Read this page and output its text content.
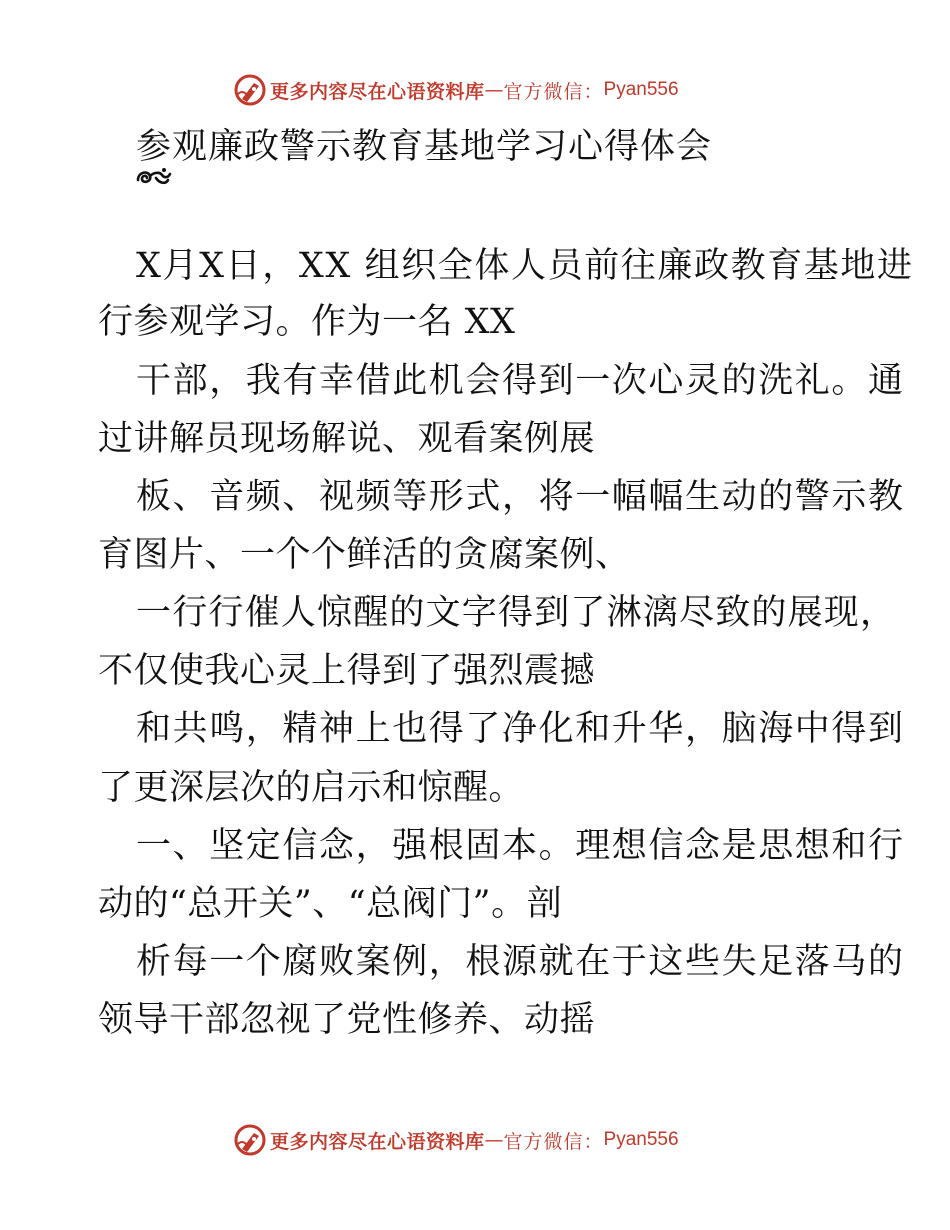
更多内容尽在心语资料库 — 官方微信： Pyan556
参观廉政警示教育基地学习心得体会
X月X日，XX 组织全体人员前往廉政教育基地进
行参观学习。作为一名 XX
干部，我有幸借此机会得到一次心灵的洗礼。通
过讲解员现场解说、观看案例展
板、音频、视频等形式，将一幅幅生动的警示教
育图片、一个个鲜活的贪腐案例、
一行行催人惊醒的文字得到了淋漓尽致的展现，
不仅使我心灵上得到了强烈震撼
和共鸣，精神上也得了净化和升华，脑海中得到
了更深层次的启示和惊醒。
一、坚定信念，强根固本。理想信念是思想和行
动的“总开关”、“总阀门”。剖
析每一个腐败案例，根源就在于这些失足落马的
领导干部忽视了党性修养、动摇
更多内容尽在心语资料库 — 官方微信： Pyan556
